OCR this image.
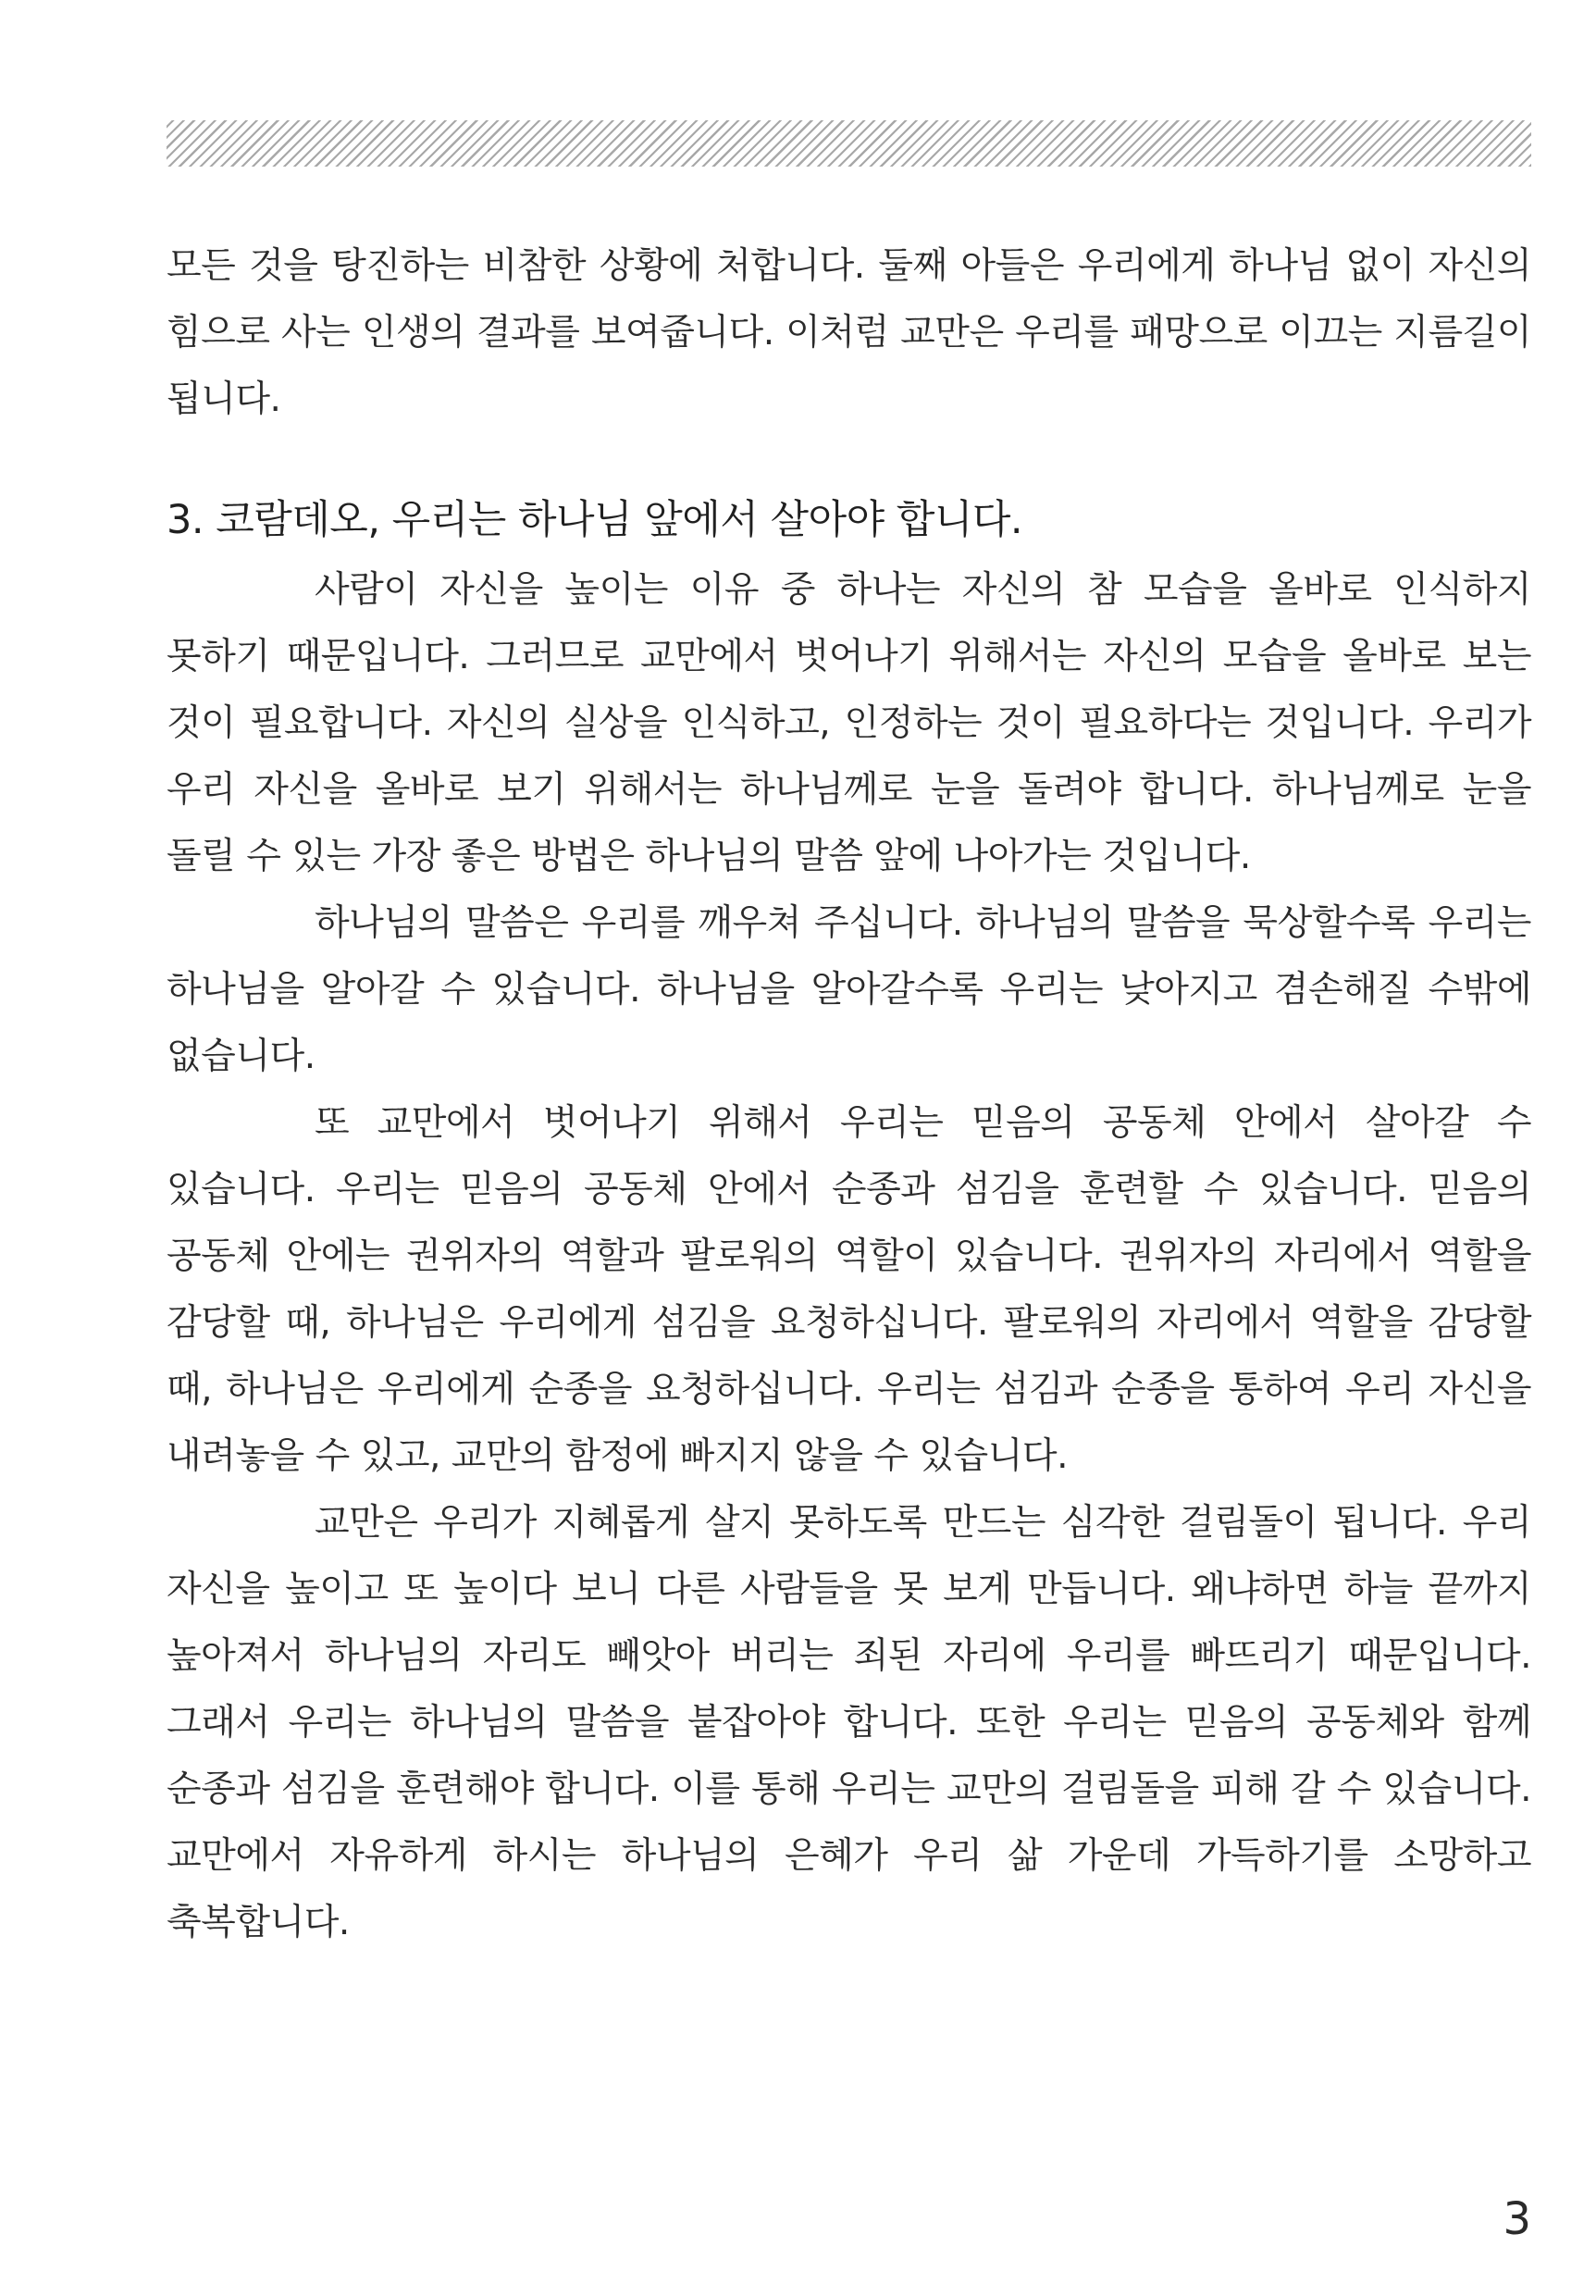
모든 것을 탕진하는 비참한 상황에 처합니다. 둘째 아들은 우리에게 하나님 없이 자신의 힘으로 사는 인생의 결과를 보여줍니다. 이처럼 교만은 우리를 패망으로 이끄는 지름길이 됩니다.

3. 코람데오, 우리는 하나님 앞에서 살아야 합니다.

사람이 자신을 높이는 이유 중 하나는 자신의 참 모습을 올바로 인식하지 못하기 때문입니다. 그러므로 교만에서 벗어나기 위해서는 자신의 모습을 올바로 보는 것이 필요합니다. 자신의 실상을 인식하고, 인정하는 것이 필요하다는 것입니다. 우리가 우리 자신을 올바로 보기 위해서는 하나님께로 눈을 돌려야 합니다. 하나님께로 눈을 돌릴 수 있는 가장 좋은 방법은 하나님의 말씀 앞에 나아가는 것입니다.

하나님의 말씀은 우리를 깨우쳐 주십니다. 하나님의 말씀을 묵상할수록 우리는 하나님을 알아갈 수 있습니다. 하나님을 알아갈수록 우리는 낮아지고 겸손해질 수밖에 없습니다.

또 교만에서 벗어나기 위해서 우리는 믿음의 공동체 안에서 살아갈 수 있습니다. 우리는 믿음의 공동체 안에서 순종과 섬김을 훈련할 수 있습니다. 믿음의 공동체 안에는 권위자의 역할과 팔로워의 역할이 있습니다. 권위자의 자리에서 역할을 감당할 때, 하나님은 우리에게 섬김을 요청하십니다. 팔로워의 자리에서 역할을 감당할 때, 하나님은 우리에게 순종을 요청하십니다. 우리는 섬김과 순종을 통하여 우리 자신을 내려놓을 수 있고, 교만의 함정에 빠지지 않을 수 있습니다.

교만은 우리가 지혜롭게 살지 못하도록 만드는 심각한 걸림돌이 됩니다. 우리 자신을 높이고 또 높이다 보니 다른 사람들을 못 보게 만듭니다. 왜냐하면 하늘 끝까지 높아져서 하나님의 자리도 빼앗아 버리는 죄된 자리에 우리를 빠뜨리기 때문입니다. 그래서 우리는 하나님의 말씀을 붙잡아야 합니다. 또한 우리는 믿음의 공동체와 함께 순종과 섬김을 훈련해야 합니다. 이를 통해 우리는 교만의 걸림돌을 피해 갈 수 있습니다. 교만에서 자유하게 하시는 하나님의 은혜가 우리 삶 가운데 가득하기를 소망하고 축복합니다.

3
